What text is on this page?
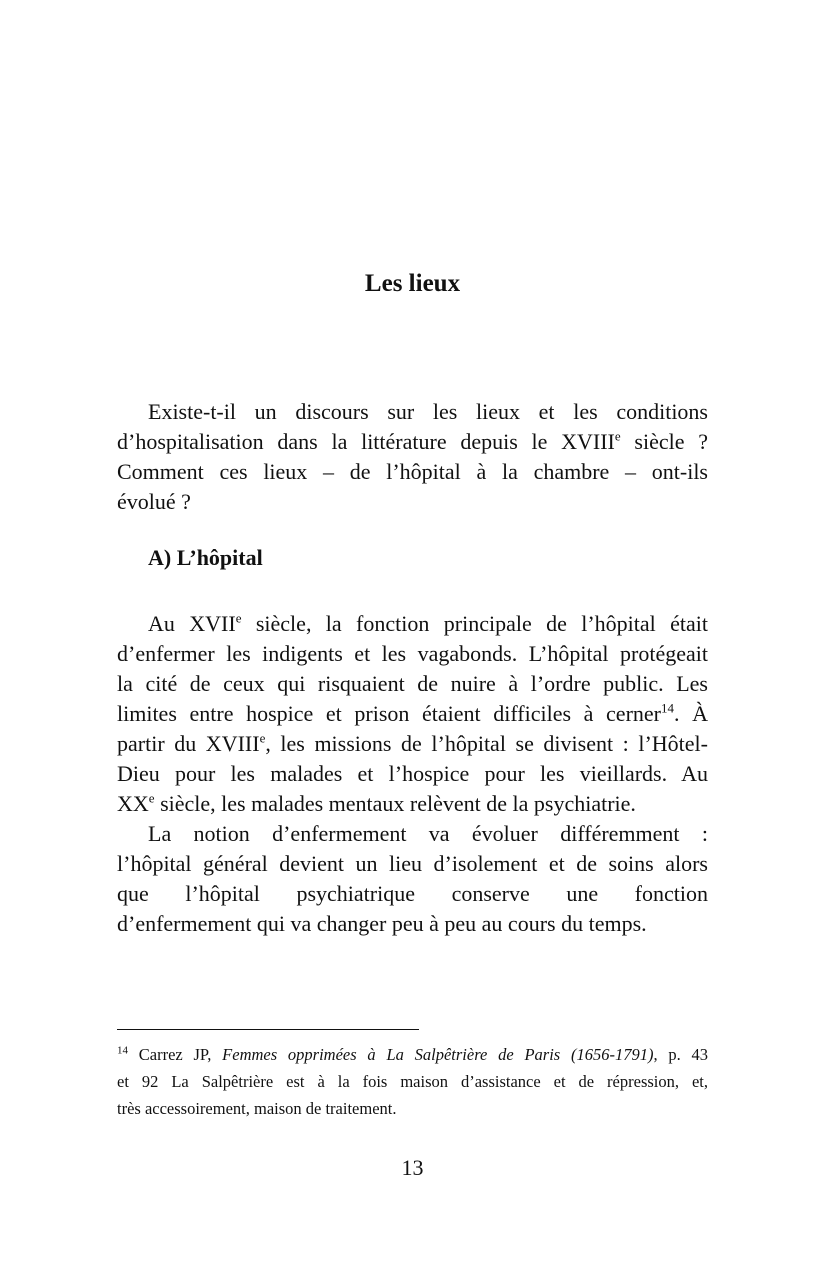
Les lieux
Existe-t-il un discours sur les lieux et les conditions
d’hospitalisation dans la littérature depuis le XVIIIe siècle ?
Comment ces lieux – de l’hôpital à la chambre – ont-ils
évolué ?
A) L’hôpital
Au XVIIe siècle, la fonction principale de l’hôpital était
d’enfermer les indigents et les vagabonds. L’hôpital protégeait
la cité de ceux qui risquaient de nuire à l’ordre public. Les
limites entre hospice et prison étaient difficiles à cerner$^{14}$. À
partir du XVIIIe, les missions de l’hôpital se divisent : l’Hôtel-
Dieu pour les malades et l’hospice pour les vieillards. Au
XXe siècle, les malades mentaux relèvent de la psychiatrie.
La notion d’enfermement va évoluer différemment :
l’hôpital général devient un lieu d’isolement et de soins alors
que l’hôpital psychiatrique conserve une fonction
d’enfermement qui va changer peu à peu au cours du temps.
$^{14}$ Carrez JP, Femmes opprimées à La Salpêtrière de Paris (1656-1791), p. 43
et 92 La Salpêtrière est à la fois maison d’assistance et de répression, et,
très accessoirement, maison de traitement.
13
